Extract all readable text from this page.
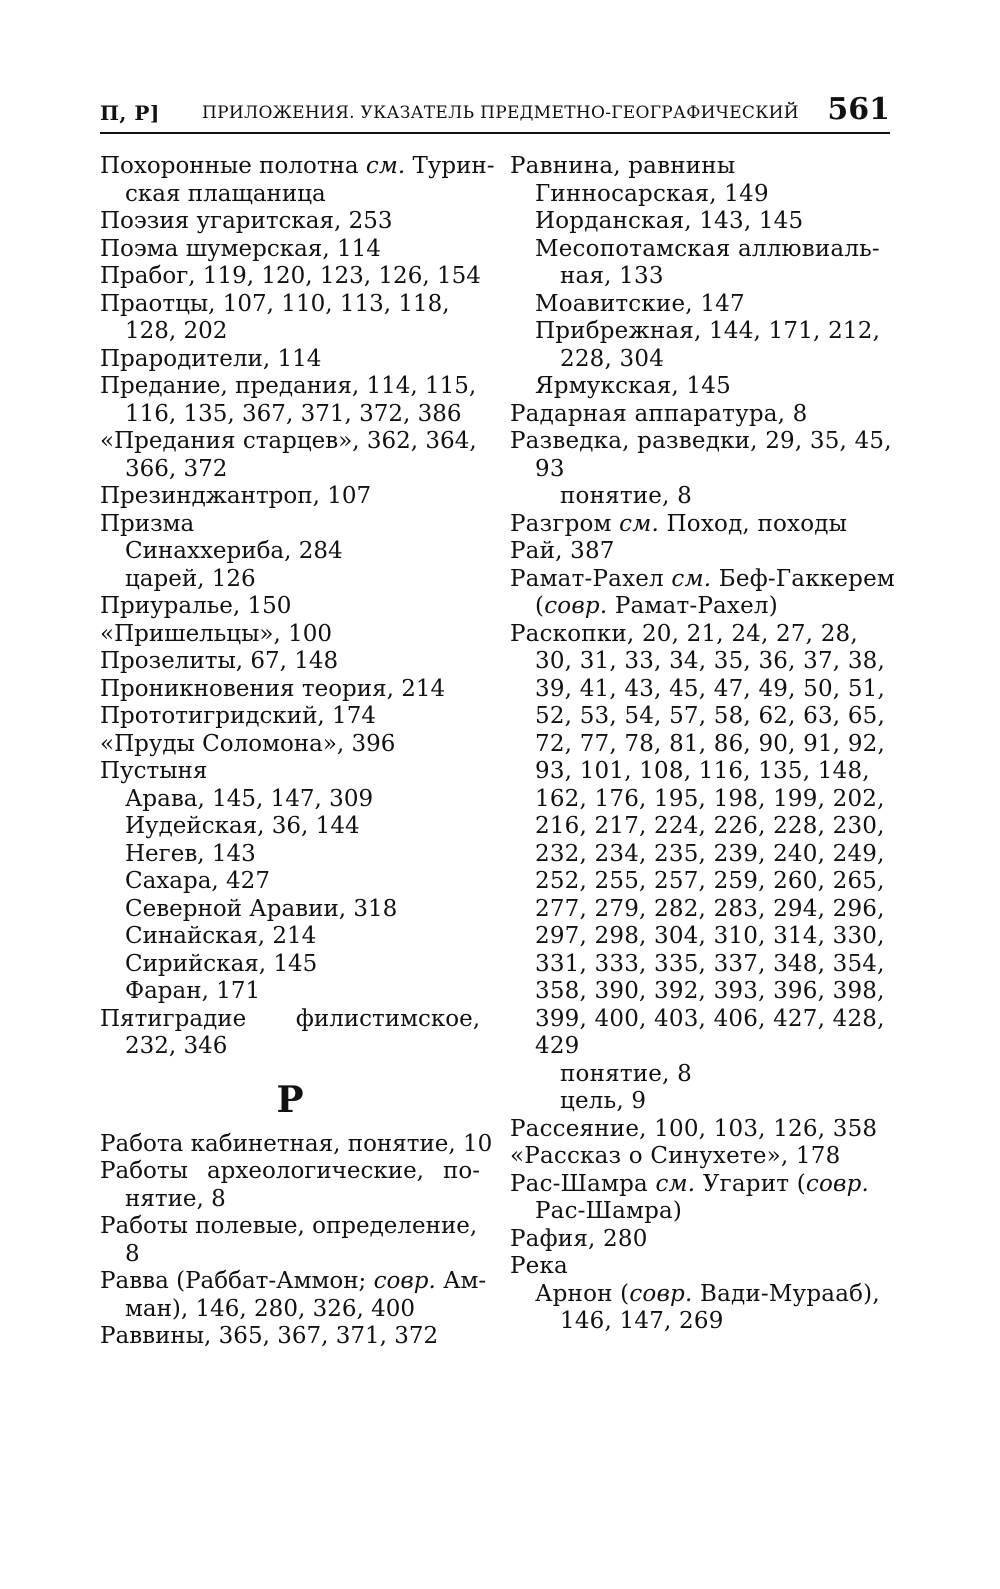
П, Р] ПРИЛОЖЕНИЯ. УКАЗАТЕЛЬ ПРЕДМЕТНО-ГЕОГРАФИЧЕСКИЙ 561
Похоронные полотна см. Турин-
ская плащаница
Поэзия угаритская, 253
Поэма шумерская, 114
Прабог, 119, 120, 123, 126, 154
Праотцы, 107, 110, 113, 118,
128, 202
Прародители, 114
Предание, предания, 114, 115,
116, 135, 367, 371, 372, 386
«Предания старцев», 362, 364,
366, 372
Презинджантроп, 107
Призма
Синаххериба, 284
царей, 126
Приуралье, 150
«Пришельцы», 100
Прозелиты, 67, 148
Проникновения теория, 214
Прототигридский, 174
«Пруды Соломона», 396
Пустыня
Арава, 145, 147, 309
Иудейская, 36, 144
Негев, 143
Сахара, 427
Северной Аравии, 318
Синайская, 214
Сирийская, 145
Фаран, 171
Пятиградие филистимское,
232, 346
Р
Работа кабинетная, понятие, 10
Работы археологические, по-
нятие, 8
Работы полевые, определение,
8
Равва (Раббат-Аммон; совр. Ам-
ман), 146, 280, 326, 400
Раввины, 365, 367, 371, 372
Равнина, равнины
Гинносарская, 149
Иорданская, 143, 145
Месопотамская аллювиаль-
ная, 133
Моавитские, 147
Прибрежная, 144, 171, 212,
228, 304
Ярмукская, 145
Радарная аппаратура, 8
Разведка, разведки, 29, 35, 45,
93
понятие, 8
Разгром см. Поход, походы
Рай, 387
Рамат-Рахел см. Беф-Гаккерем
(совр. Рамат-Рахел)
Раскопки, 20, 21, 24, 27, 28,
30, 31, 33, 34, 35, 36, 37, 38,
39, 41, 43, 45, 47, 49, 50, 51,
52, 53, 54, 57, 58, 62, 63, 65,
72, 77, 78, 81, 86, 90, 91, 92,
93, 101, 108, 116, 135, 148,
162, 176, 195, 198, 199, 202,
216, 217, 224, 226, 228, 230,
232, 234, 235, 239, 240, 249,
252, 255, 257, 259, 260, 265,
277, 279, 282, 283, 294, 296,
297, 298, 304, 310, 314, 330,
331, 333, 335, 337, 348, 354,
358, 390, 392, 393, 396, 398,
399, 400, 403, 406, 427, 428,
429
понятие, 8
цель, 9
Рассеяние, 100, 103, 126, 358
«Рассказ о Синухете», 178
Рас-Шамра см. Угарит (совр.
Рас-Шамра)
Рафия, 280
Река
Арнон (совр. Вади-Мурааб),
146, 147, 269
